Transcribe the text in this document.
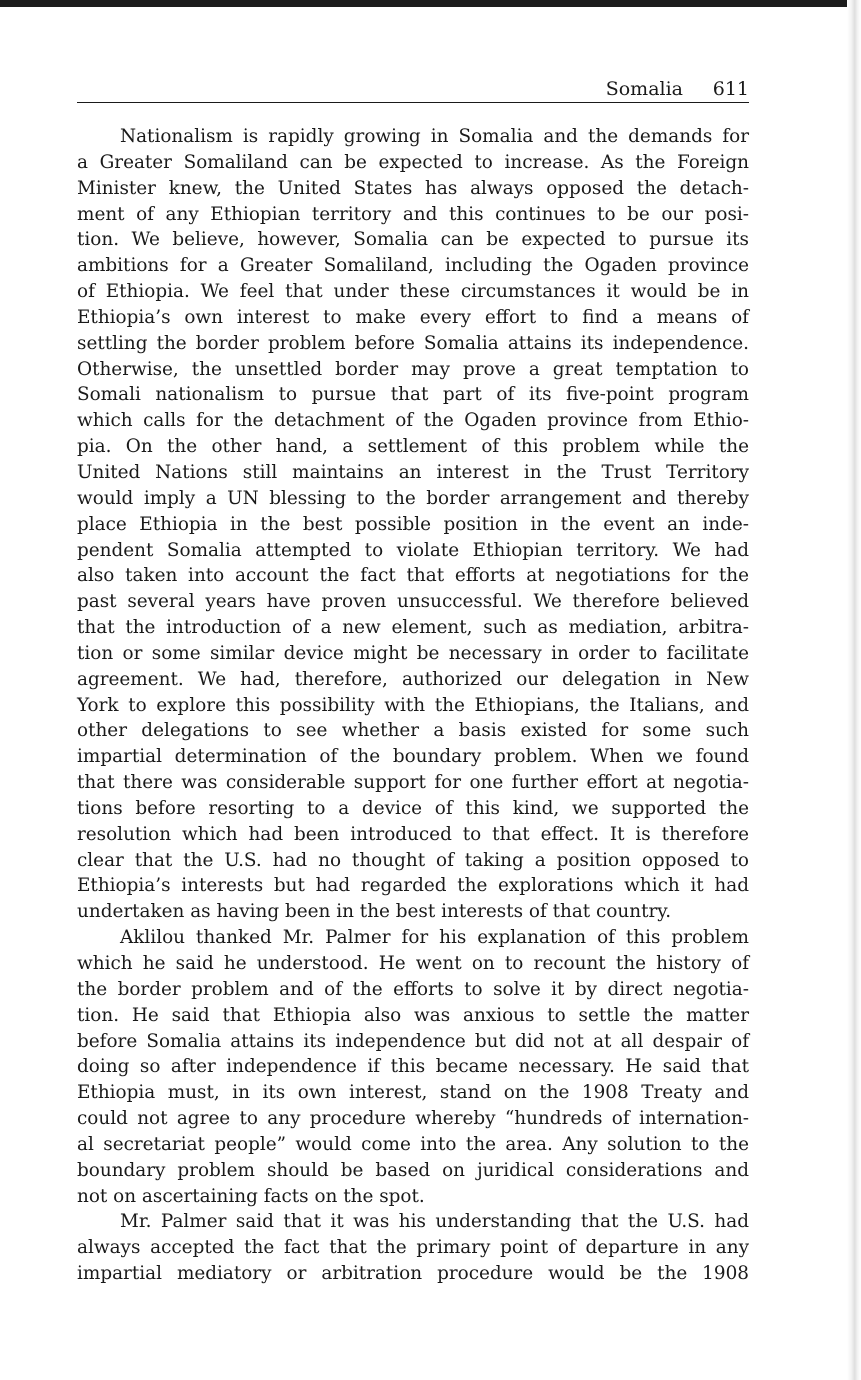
Somalia 611
Nationalism is rapidly growing in Somalia and the demands for
a Greater Somaliland can be expected to increase. As the Foreign
Minister knew, the United States has always opposed the detach-
ment of any Ethiopian territory and this continues to be our posi-
tion. We believe, however, Somalia can be expected to pursue its
ambitions for a Greater Somaliland, including the Ogaden province
of Ethiopia. We feel that under these circumstances it would be in
Ethiopia’s own interest to make every effort to find a means of
settling the border problem before Somalia attains its independence.
Otherwise, the unsettled border may prove a great temptation to
Somali nationalism to pursue that part of its five-point program
which calls for the detachment of the Ogaden province from Ethio-
pia. On the other hand, a settlement of this problem while the
United Nations still maintains an interest in the Trust Territory
would imply a UN blessing to the border arrangement and thereby
place Ethiopia in the best possible position in the event an inde-
pendent Somalia attempted to violate Ethiopian territory. We had
also taken into account the fact that efforts at negotiations for the
past several years have proven unsuccessful. We therefore believed
that the introduction of a new element, such as mediation, arbitra-
tion or some similar device might be necessary in order to facilitate
agreement. We had, therefore, authorized our delegation in New
York to explore this possibility with the Ethiopians, the Italians, and
other delegations to see whether a basis existed for some such
impartial determination of the boundary problem. When we found
that there was considerable support for one further effort at negotia-
tions before resorting to a device of this kind, we supported the
resolution which had been introduced to that effect. It is therefore
clear that the U.S. had no thought of taking a position opposed to
Ethiopia’s interests but had regarded the explorations which it had
undertaken as having been in the best interests of that country.
Aklilou thanked Mr. Palmer for his explanation of this problem
which he said he understood. He went on to recount the history of
the border problem and of the efforts to solve it by direct negotia-
tion. He said that Ethiopia also was anxious to settle the matter
before Somalia attains its independence but did not at all despair of
doing so after independence if this became necessary. He said that
Ethiopia must, in its own interest, stand on the 1908 Treaty and
could not agree to any procedure whereby “hundreds of internation-
al secretariat people” would come into the area. Any solution to the
boundary problem should be based on juridical considerations and
not on ascertaining facts on the spot.
Mr. Palmer said that it was his understanding that the U.S. had
always accepted the fact that the primary point of departure in any
impartial mediatory or arbitration procedure would be the 1908
